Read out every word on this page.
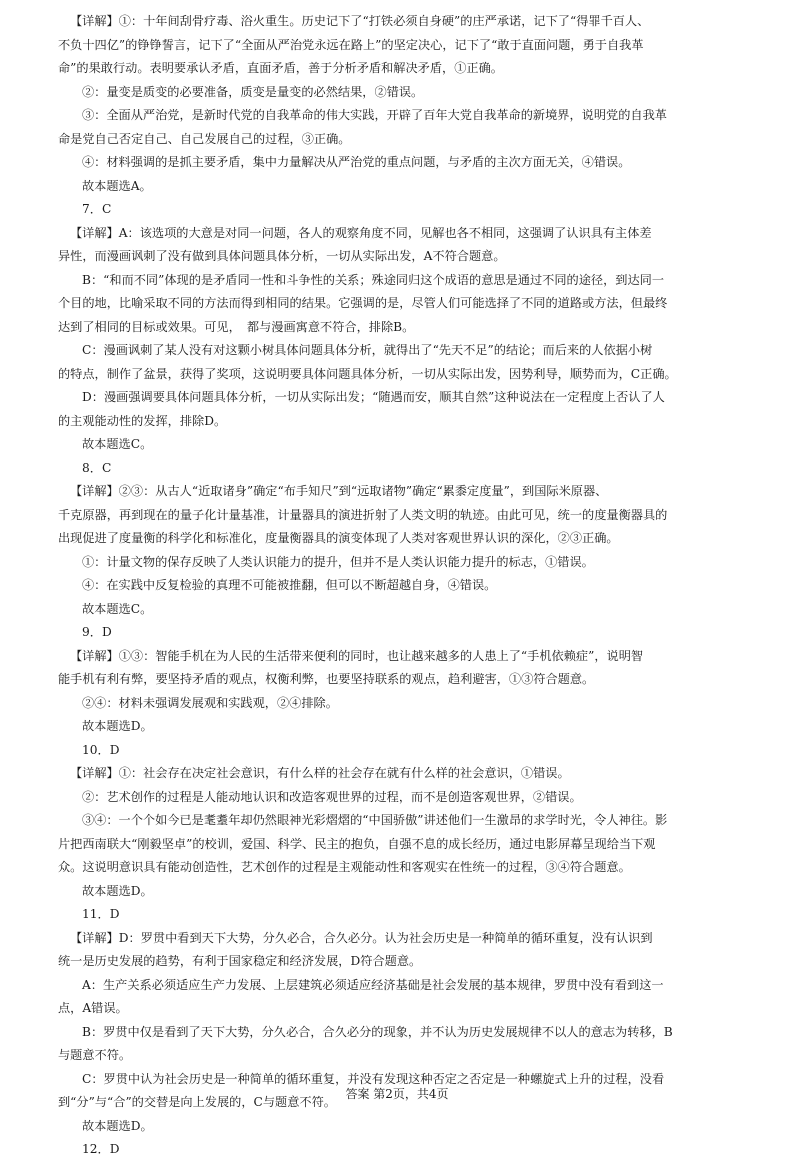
【详解】①：十年间刮骨疗毒、浴火重生。历史记下了“打铁必须自身硬”的庄严承诺，记下了“得罪千百人、
不负十四亿”的铮铮誓言，记下了“全面从严治党永远在路上”的坚定决心，记下了“敢于直面问题，勇于自我革
命”的果敢行动。表明要承认矛盾，直面矛盾，善于分析矛盾和解决矛盾，①正确。
②：量变是质变的必要准备，质变是量变的必然结果，②错误。
③：全面从严治党，是新时代党的自我革命的伟大实践，开辟了百年大党自我革命的新境界，说明党的自我革
命是党自己否定自己、自己发展自己的过程，③正确。
④：材料强调的是抓主要矛盾，集中力量解决从严治党的重点问题，与矛盾的主次方面无关，④错误。
故本题选A。
7．C
【详解】A：该选项的大意是对同一问题，各人的观察角度不同，见解也各不相同，这强调了认识具有主体差
异性，而漫画讽刺了没有做到具体问题具体分析，一切从实际出发，A不符合题意。
B：“和而不同”体现的是矛盾同一性和斗争性的关系；殊途同归这个成语的意思是通过不同的途径，到达同一
个目的地，比喻采取不同的方法而得到相同的结果。它强调的是，尽管人们可能选择了不同的道路或方法，但最终
达到了相同的目标或效果。可见，　都与漫画寓意不符合，排除B。
C：漫画讽刺了某人没有对这颗小树具体问题具体分析，就得出了“先天不足”的结论；而后来的人依据小树
的特点，制作了盆景，获得了奖项，这说明要具体问题具体分析，一切从实际出发，因势利导，顺势而为，C正确。
D：漫画强调要具体问题具体分析，一切从实际出发；“随遇而安，顺其自然”这种说法在一定程度上否认了人
的主观能动性的发挥，排除D。
故本题选C。
8．C
【详解】②③：从古人“近取诸身”确定“布手知尺”到“远取诸物”确定“累黍定度量”，到国际米原器、
千克原器，再到现在的量子化计量基准，计量器具的演进折射了人类文明的轨迹。由此可见，统一的度量衡器具的
出现促进了度量衡的科学化和标准化，度量衡器具的演变体现了人类对客观世界认识的深化，②③正确。
①：计量文物的保存反映了人类认识能力的提升，但并不是人类认识能力提升的标志，①错误。
④：在实践中反复检验的真理不可能被推翻，但可以不断超越自身，④错误。
故本题选C。
9．D
【详解】①③：智能手机在为人民的生活带来便利的同时，也让越来越多的人患上了“手机依赖症”，说明智
能手机有利有弊，要坚持矛盾的观点，权衡利弊，也要坚持联系的观点，趋利避害，①③符合题意。
②④：材料未强调发展观和实践观，②④排除。
故本题选D。
10．D
【详解】①：社会存在决定社会意识，有什么样的社会存在就有什么样的社会意识，①错误。
②：艺术创作的过程是人能动地认识和改造客观世界的过程，而不是创造客观世界，②错误。
③④：一个个如今已是耄耋年却仍然眼神光彩熠熠的“中国骄傲”讲述他们一生激昂的求学时光，令人神往。影
片把西南联大“刚毅坚卓”的校训，爱国、科学、民主的抱负，自强不息的成长经历，通过电影屏幕呈现给当下观
众。这说明意识具有能动创造性，艺术创作的过程是主观能动性和客观实在性统一的过程，③④符合题意。
故本题选D。
11．D
【详解】D：罗贯中看到天下大势，分久必合，合久必分。认为社会历史是一种简单的循环重复，没有认识到
统一是历史发展的趋势，有利于国家稳定和经济发展，D符合题意。
A：生产关系必须适应生产力发展、上层建筑必须适应经济基础是社会发展的基本规律，罗贯中没有看到这一
点，A错误。
B：罗贯中仅是看到了天下大势，分久必合，合久必分的现象，并不认为历史发展规律不以人的意志为转移，B
与题意不符。
C：罗贯中认为社会历史是一种简单的循环重复，并没有发现这种否定之否定是一种螺旋式上升的过程，没看
到“分”与“合”的交替是向上发展的，C与题意不符。
故本题选D。
12．D
答案 第2页，共4页
